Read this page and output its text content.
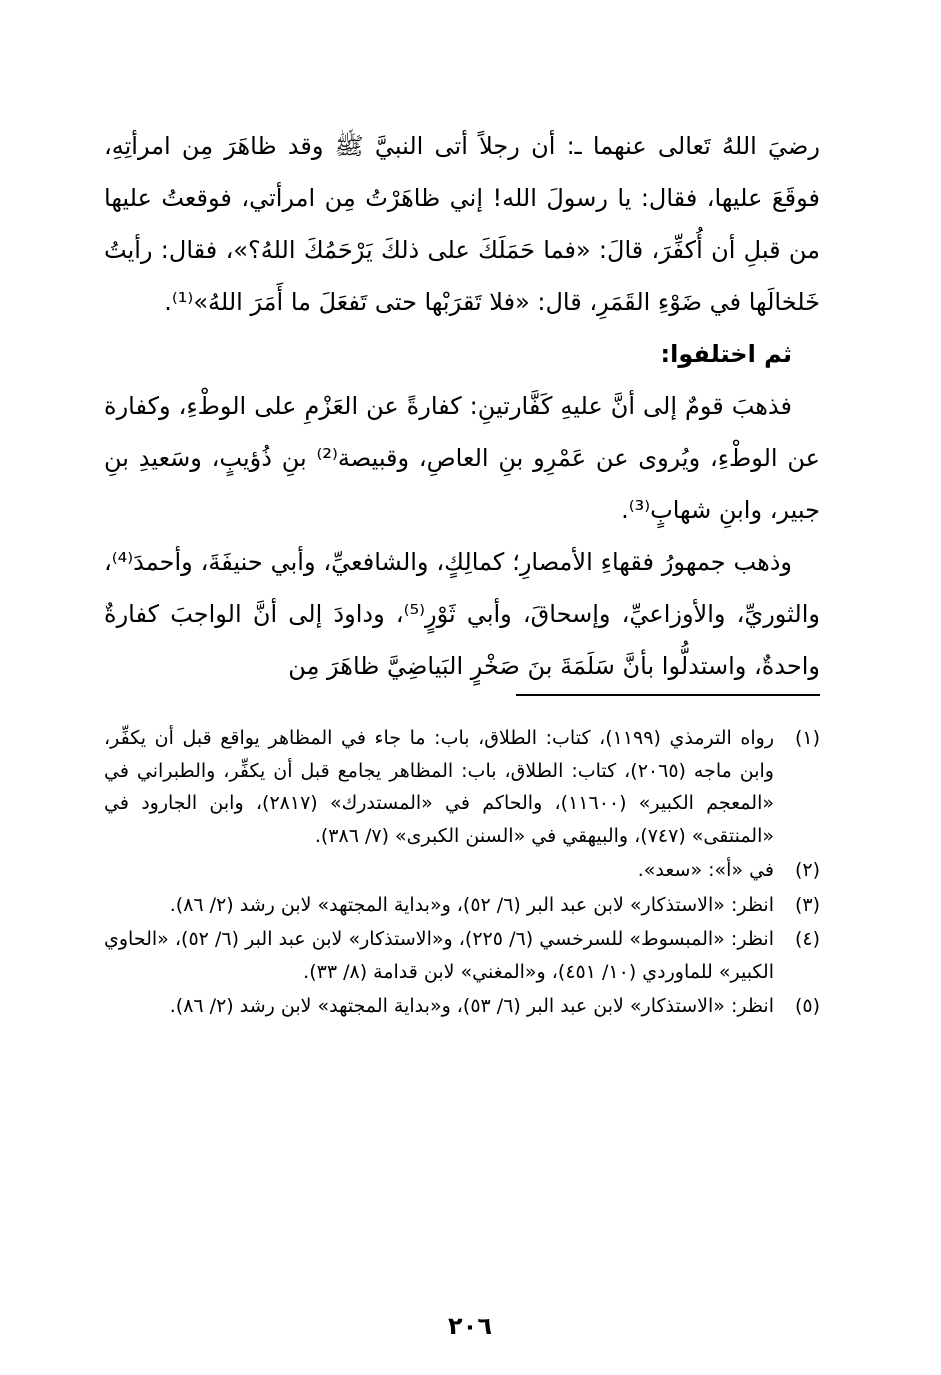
رضيَ اللهُ تَعالى عنهما ـ: أن رجلاً أتى النبيَّ ﷺ وقد ظاهَرَ مِن امرأتِهِ، فوقَعَ عليها، فقال: يا رسولَ الله! إني ظاهَرْتُ مِن امرأتي، فوقعتُ عليها من قبلِ أن أُكفِّرَ، قالَ: «فما حَمَلَكَ على ذلكَ يَرْحَمُكَ اللهُ؟»، فقال: رأيتُ خَلخالَها في ضَوْءِ القَمَرِ، قال: «فلا تَقرَبْها حتى تَفعَلَ ما أَمَرَ اللهُ»⁽¹⁾.

ثم اختلفوا:

فذهبَ قومٌ إلى أنَّ عليهِ كَفَّارتينِ: كفارةً عن العَزْمِ على الوطْءِ، وكفارة عن الوطْءِ، ويُروى عن عَمْرِو بنِ العاصِ، وقبيصة⁽²⁾ بنِ ذُؤيبٍ، وسَعيدِ بنِ جبير، وابنِ شهابٍ⁽³⁾.

وذهب جمهورُ فقهاءِ الأمصارِ؛ كمالِكٍ، والشافعيِّ، وأبي حنيفَةَ، وأحمدَ⁽⁴⁾، والثوريِّ، والأوزاعيِّ، وإسحاقَ، وأبي ثَوْرٍ⁽⁵⁾، وداودَ إلى أنَّ الواجبَ كفارةٌ واحدةٌ، واستدلُّوا بأنَّ سَلَمَةَ بنَ صَخْرٍ البَياضِيَّ ظاهَرَ مِن

(١)
رواه الترمذي (١١٩٩)، كتاب: الطلاق، باب: ما جاء في المظاهر يواقع قبل أن يكفِّر، وابن ماجه (٢٠٦٥)، كتاب: الطلاق، باب: المظاهر يجامع قبل أن يكفِّر، والطبراني في «المعجم الكبير» (١١٦٠٠)، والحاكم في «المستدرك» (٢٨١٧)، وابن الجارود في «المنتقى» (٧٤٧)، والبيهقي في «السنن الكبرى» (٧/ ٣٨٦).
(٢)
في «أ»: «سعد».
(٣)
انظر: «الاستذكار» لابن عبد البر (٦/ ٥٢)، و«بداية المجتهد» لابن رشد (٢/ ٨٦).
(٤)
انظر: «المبسوط» للسرخسي (٦/ ٢٢٥)، و«الاستذكار» لابن عبد البر (٦/ ٥٢)، «الحاوي الكبير» للماوردي (١٠/ ٤٥١)، و«المغني» لابن قدامة (٨/ ٣٣).
(٥)
انظر: «الاستذكار» لابن عبد البر (٦/ ٥٣)، و«بداية المجتهد» لابن رشد (٢/ ٨٦).
٢٠٦
